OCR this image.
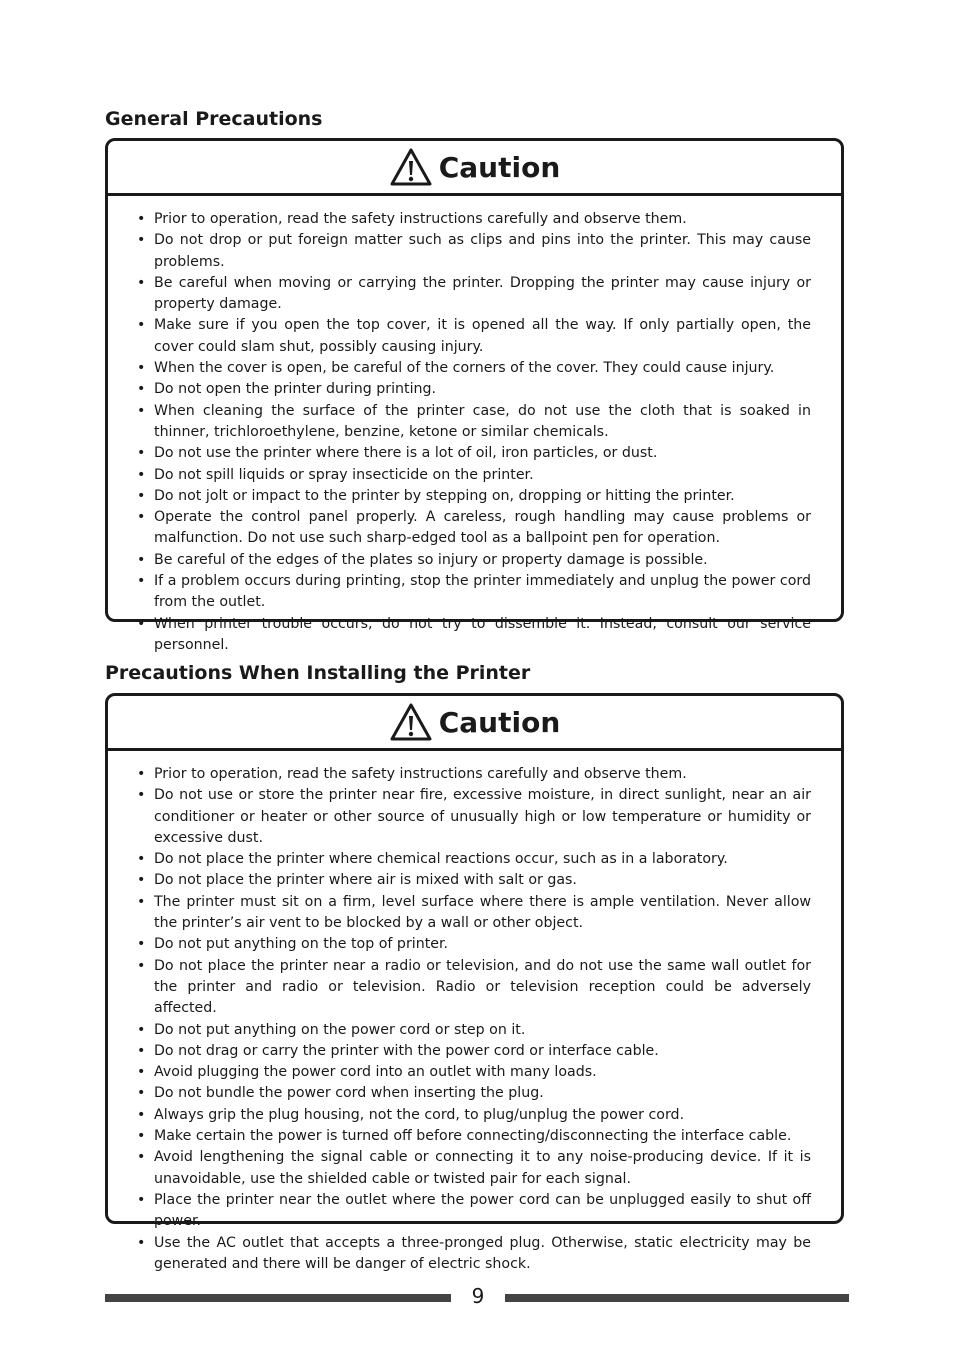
General Precautions
Caution
• Prior to operation, read the safety instructions carefully and observe them.
• Do not drop or put foreign matter such as clips and pins into the printer. This may cause problems.
• Be careful when moving or carrying the printer. Dropping the printer may cause injury or property damage.
• Make sure if you open the top cover, it is opened all the way. If only partially open, the cover could slam shut, possibly causing injury.
• When the cover is open, be careful of the corners of the cover. They could cause injury.
• Do not open the printer during printing.
• When cleaning the surface of the printer case, do not use the cloth that is soaked in thinner, trichloroethylene, benzine, ketone or similar chemicals.
• Do not use the printer where there is a lot of oil, iron particles, or dust.
• Do not spill liquids or spray insecticide on the printer.
• Do not jolt or impact to the printer by stepping on, dropping or hitting the printer.
• Operate the control panel properly. A careless, rough handling may cause problems or malfunction. Do not use such sharp-edged tool as a ballpoint pen for operation.
• Be careful of the edges of the plates so injury or property damage is possible.
• If a problem occurs during printing, stop the printer immediately and unplug the power cord from the outlet.
• When printer trouble occurs, do not try to dissemble it. Instead, consult our service personnel.
Precautions When Installing the Printer
Caution
• Prior to operation, read the safety instructions carefully and observe them.
• Do not use or store the printer near fire, excessive moisture, in direct sunlight, near an air conditioner or heater or other source of unusually high or low temperature or humidity or excessive dust.
• Do not place the printer where chemical reactions occur, such as in a laboratory.
• Do not place the printer where air is mixed with salt or gas.
• The printer must sit on a firm, level surface where there is ample ventilation. Never allow the printer’s air vent to be blocked by a wall or other object.
• Do not put anything on the top of printer.
• Do not place the printer near a radio or television, and do not use the same wall outlet for the printer and radio or television. Radio or television reception could be adversely affected.
• Do not put anything on the power cord or step on it.
• Do not drag or carry the printer with the power cord or interface cable.
• Avoid plugging the power cord into an outlet with many loads.
• Do not bundle the power cord when inserting the plug.
• Always grip the plug housing, not the cord, to plug/unplug the power cord.
• Make certain the power is turned off before connecting/disconnecting the interface cable.
• Avoid lengthening the signal cable or connecting it to any noise-producing device. If it is unavoidable, use the shielded cable or twisted pair for each signal.
• Place the printer near the outlet where the power cord can be unplugged easily to shut off power.
• Use the AC outlet that accepts a three-pronged plug. Otherwise, static electricity may be generated and there will be danger of electric shock.
9
